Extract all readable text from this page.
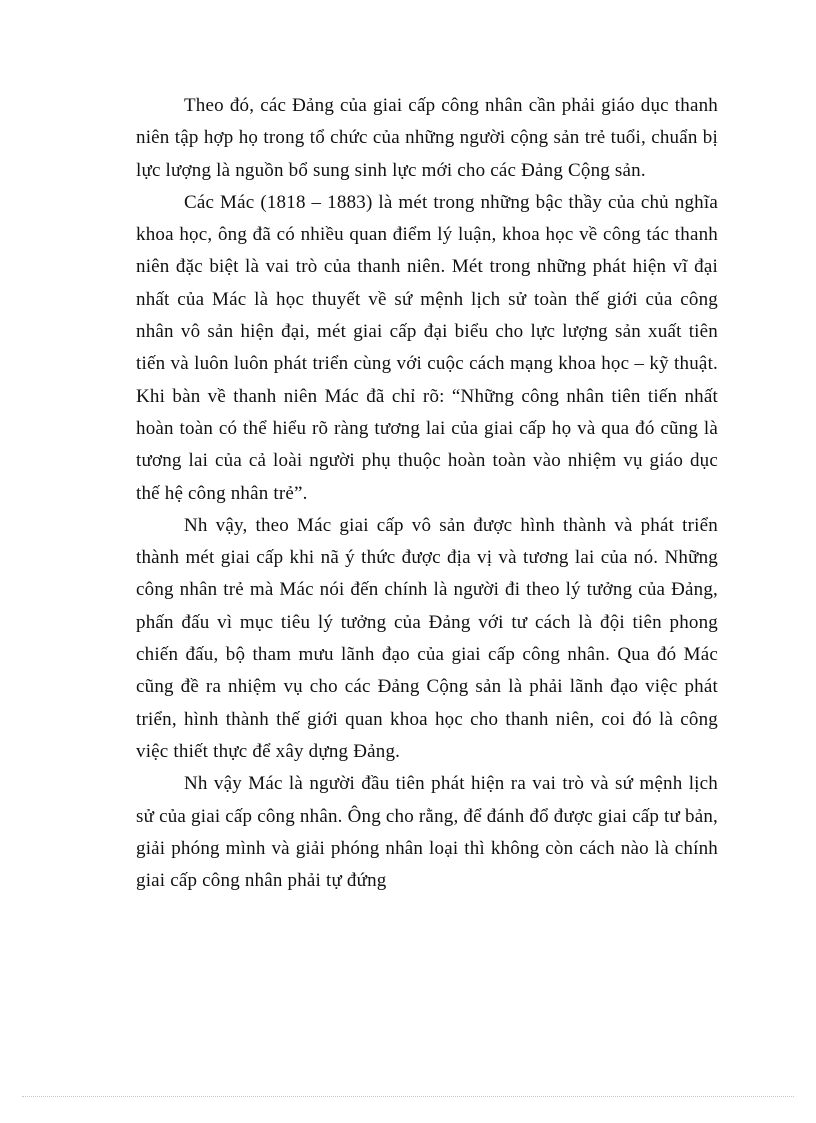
Theo đó, các Đảng của giai cấp công nhân cần phải giáo dục thanh niên tập hợp họ trong tổ chức của những người cộng sản trẻ tuổi, chuẩn bị lực lượng là nguồn bổ sung sinh lực mới cho các Đảng Cộng sản.

Các Mác (1818 – 1883) là mét trong những bậc thầy của chủ nghĩa khoa học, ông đã có nhiều quan điểm lý luận, khoa học về công tác thanh niên đặc biệt là vai trò của thanh niên. Mét trong những phát hiện vĩ đại nhất của Mác là học thuyết về sứ mệnh lịch sử toàn thế giới của công nhân vô sản hiện đại, mét giai cấp đại biểu cho lực lượng sản xuất tiên tiến và luôn luôn phát triển cùng với cuộc cách mạng khoa học – kỹ thuật. Khi bàn về thanh niên Mác đã chỉ rõ: “Những công nhân tiên tiến nhất hoàn toàn có thể hiểu rõ ràng tương lai của giai cấp họ và qua đó cũng là tương lai của cả loài người phụ thuộc hoàn toàn vào nhiệm vụ giáo dục thế hệ công nhân trẻ”.

Nh vậy, theo Mác giai cấp vô sản được hình thành và phát triển thành mét giai cấp khi nã ý thức được địa vị và tương lai của nó. Những công nhân trẻ mà Mác nói đến chính là người đi theo lý tưởng của Đảng, phấn đấu vì mục tiêu lý tưởng của Đảng với tư cách là đội tiên phong chiến đấu, bộ tham mưu lãnh đạo của giai cấp công nhân. Qua đó Mác cũng đề ra nhiệm vụ cho các Đảng Cộng sản là phải lãnh đạo việc phát triển, hình thành thế giới quan khoa học cho thanh niên, coi đó là công việc thiết thực để xây dựng Đảng.

Nh vậy Mác là người đầu tiên phát hiện ra vai trò và sứ mệnh lịch sử của giai cấp công nhân. Ông cho rằng, để đánh đổ được giai cấp tư bản, giải phóng mình và giải phóng nhân loại thì không còn cách nào là chính giai cấp công nhân phải tự đứng
